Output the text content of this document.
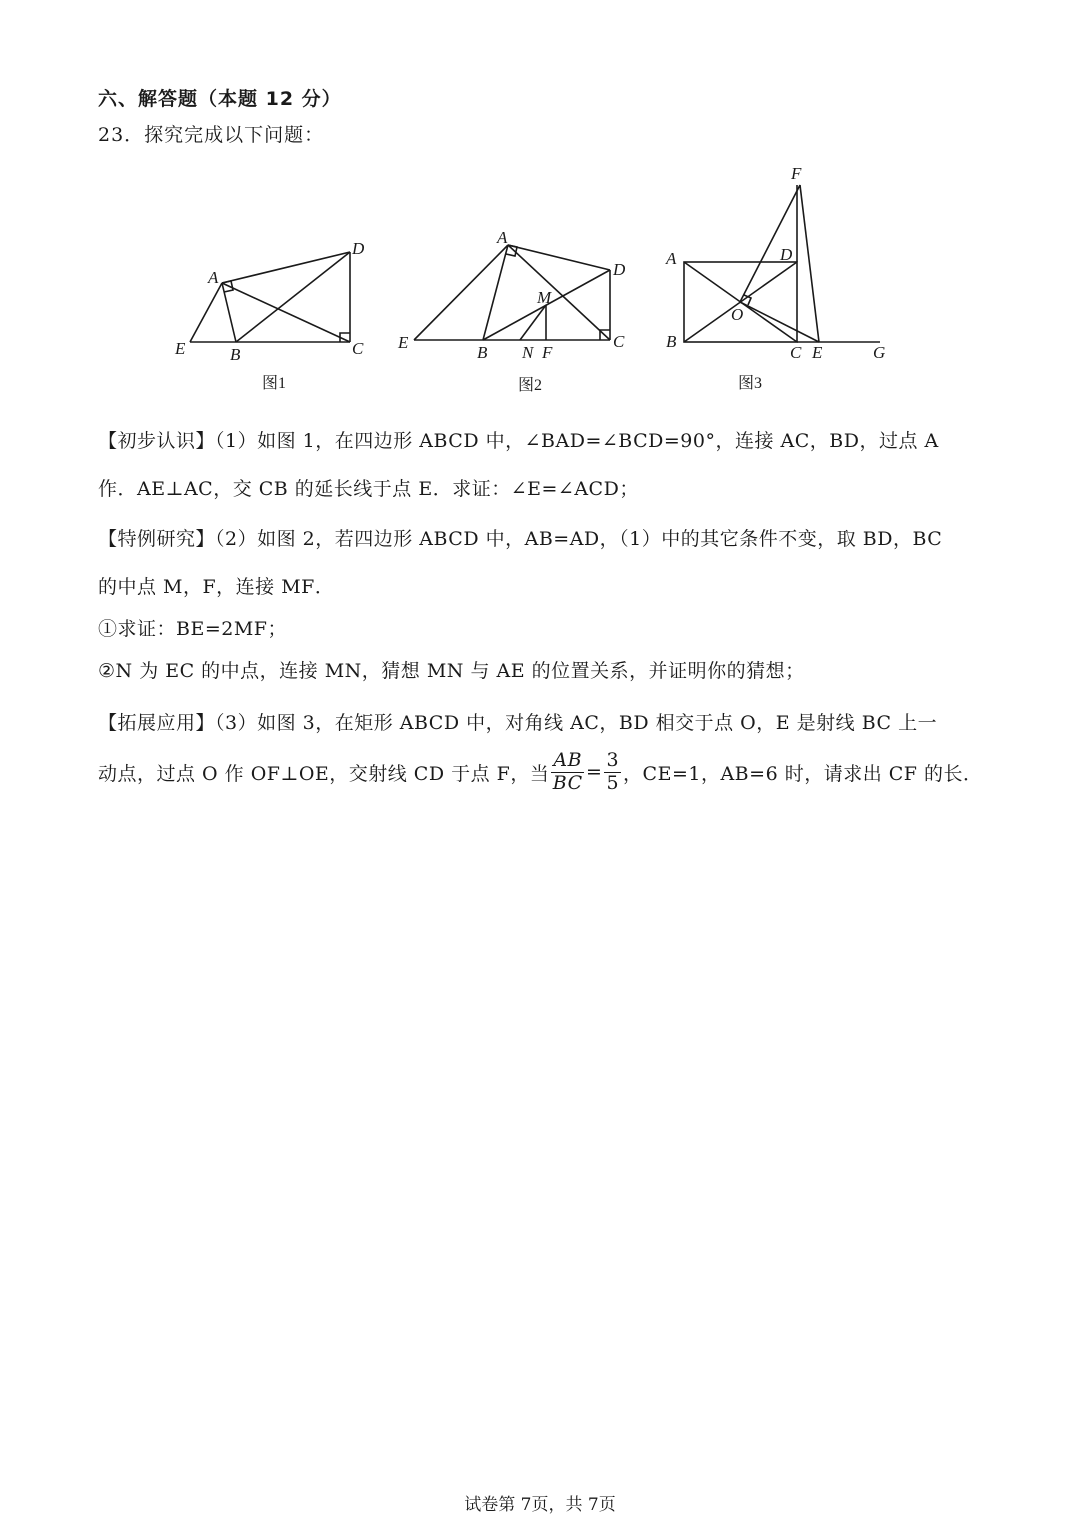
六、解答题（本题 12 分）
23．探究完成以下问题：
E	B	C
D
A
图1
E
B N F
C
D
A
M
图2
A
B
C E	G
D
F
O
图3
【初步认识】（1）如图 1，在四边形 ABCD 中，∠BAD=∠BCD=90°，连接 AC，BD，过点 A
作．AE⊥AC，交 CB 的延长线于点 E．求证：∠E=∠ACD；
【特例研究】（2）如图 2，若四边形 ABCD 中，AB=AD，（1）中的其它条件不变，取 BD，BC
的中点 M，F，连接 MF．
①求证：BE=2MF；
②N 为 EC 的中点，连接 MN，猜想 MN 与 AE 的位置关系，并证明你的猜想；
【拓展应用】（3）如图 3，在矩形 ABCD 中，对角线 AC，BD 相交于点 O，E 是射线 BC 上一
动点，过点 O 作 OF⊥OE，交射线 CD 于点 F，当 $\frac{AB}{BC} = \frac{3}{5}$ ，CE=1，AB=6 时，请求出 CF 的长．
试卷第 7页，共 7页
